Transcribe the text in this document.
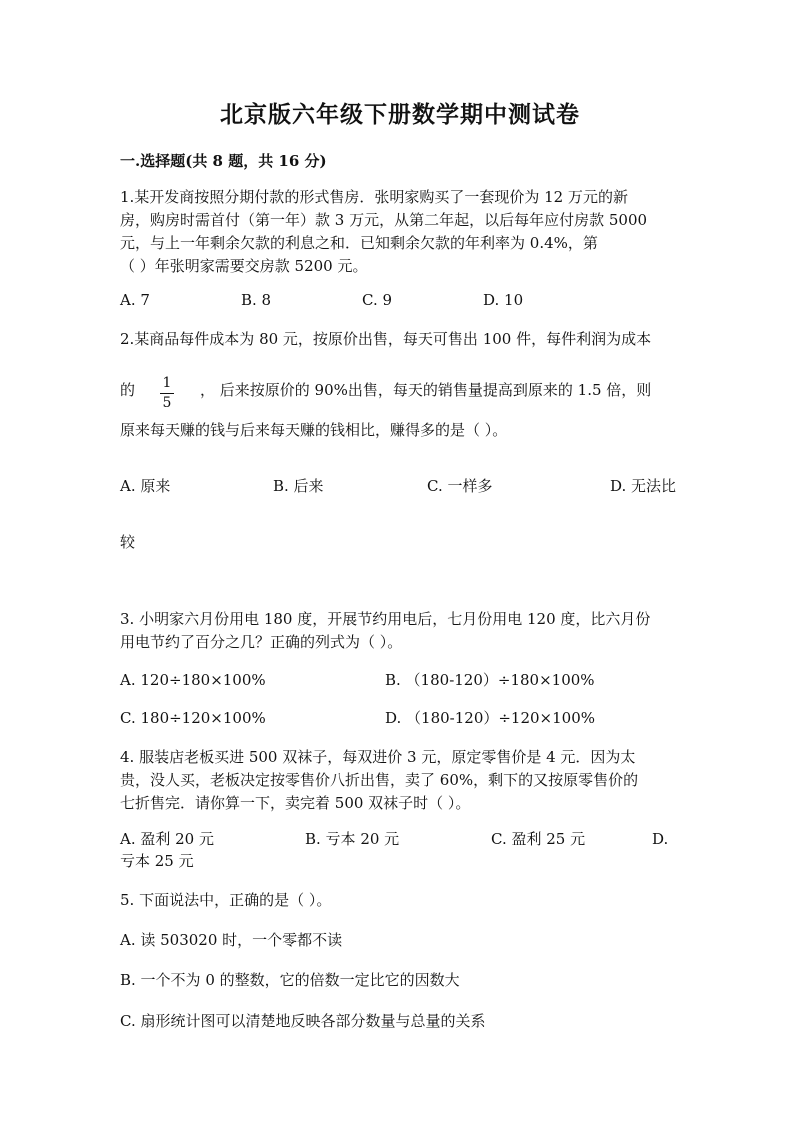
北京版六年级下册数学期中测试卷
一.选择题(共 8 题，共 16 分)
1.某开发商按照分期付款的形式售房．张明家购买了一套现价为 12 万元的新
房，购房时需首付（第一年）款 3 万元，从第二年起，以后每年应付房款 5000
元，与上一年剩余欠款的利息之和．已知剩余欠款的年利率为 0.4%，第
（ ）年张明家需要交房款 5200 元。
A. 7	B. 8	C. 9	D. 10
2.某商品每件成本为 80 元，按原价出售，每天可售出 100 件，每件利润为成本
的 $\frac{1}{5}$ ， 后来按原价的 90%出售，每天的销售量提高到原来的 1.5 倍，则
原来每天赚的钱与后来每天赚的钱相比，赚得多的是（ ）。
A. 原来	B. 后来	C. 一样多	D. 无法比
较
3. 小明家六月份用电 180 度，开展节约用电后，七月份用电 120 度，比六月份
用电节约了百分之几？正确的列式为（ ）。
A. 120÷180×100%	B. （180-120）÷180×100%
C. 180÷120×100%	D. （180-120）÷120×100%
4. 服装店老板买进 500 双袜子，每双进价 3 元，原定零售价是 4 元．因为太
贵，没人买，老板决定按零售价八折出售，卖了 60%，剩下的又按原零售价的
七折售完．请你算一下，卖完着 500 双袜子时（ ）。
A. 盈利 20 元	B. 亏本 20 元	C. 盈利 25 元	D.
亏本 25 元
5. 下面说法中，正确的是（ ）。
A. 读 503020 时，一个零都不读
B. 一个不为 0 的整数，它的倍数一定比它的因数大
C. 扇形统计图可以清楚地反映各部分数量与总量的关系
